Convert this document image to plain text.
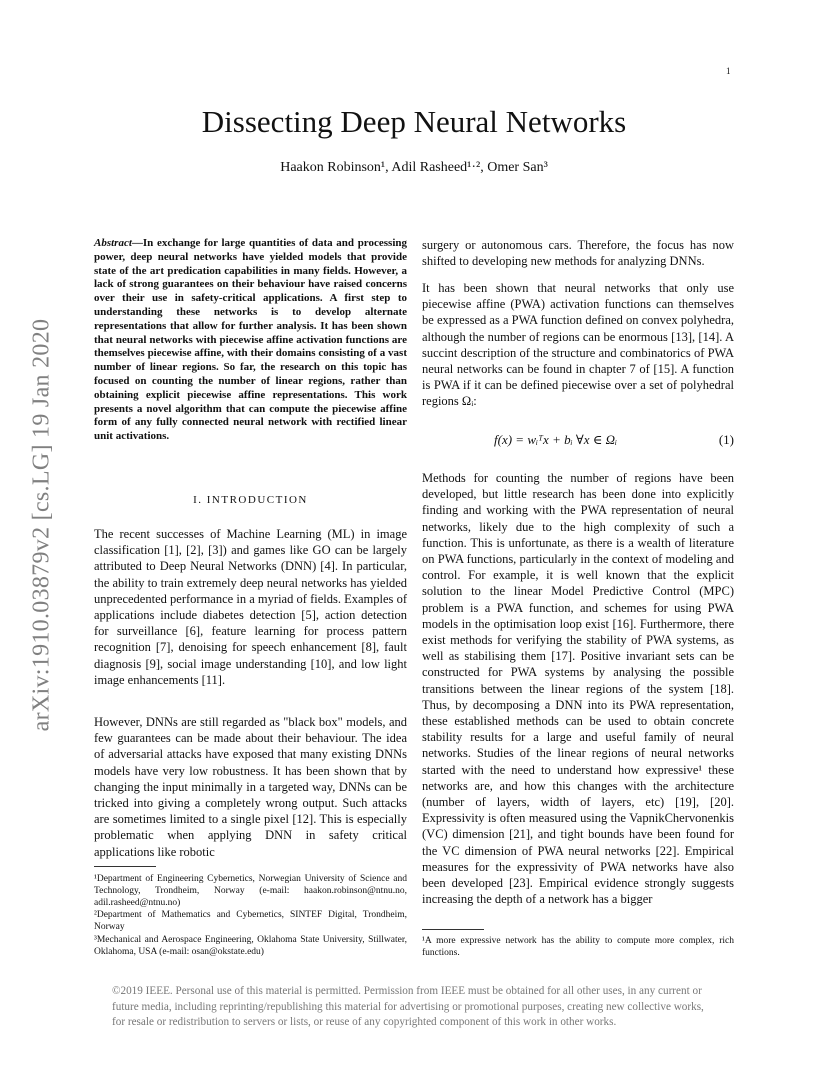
1
arXiv:1910.03879v2 [cs.LG] 19 Jan 2020
Dissecting Deep Neural Networks
Haakon Robinson¹, Adil Rasheed¹·², Omer San³
Abstract—In exchange for large quantities of data and processing power, deep neural networks have yielded models that provide state of the art predication capabilities in many fields. However, a lack of strong guarantees on their behaviour have raised concerns over their use in safety-critical applications. A first step to understanding these networks is to develop alternate representations that allow for further analysis. It has been shown that neural networks with piecewise affine activation functions are themselves piecewise affine, with their domains consisting of a vast number of linear regions. So far, the research on this topic has focused on counting the number of linear regions, rather than obtaining explicit piecewise affine representations. This work presents a novel algorithm that can compute the piecewise affine form of any fully connected neural network with rectified linear unit activations.
I. INTRODUCTION
The recent successes of Machine Learning (ML) in image classification [1], [2], [3]) and games like GO can be largely attributed to Deep Neural Networks (DNN) [4]. In particular, the ability to train extremely deep neural networks has yielded unprecedented performance in a myriad of fields. Examples of applications include diabetes detection [5], action detection for surveillance [6], feature learning for process pattern recognition [7], denoising for speech enhancement [8], fault diagnosis [9], social image understanding [10], and low light image enhancements [11].
However, DNNs are still regarded as "black box" models, and few guarantees can be made about their behaviour. The idea of adversarial attacks have exposed that many existing DNNs models have very low robustness. It has been shown that by changing the input minimally in a targeted way, DNNs can be tricked into giving a completely wrong output. Such attacks are sometimes limited to a single pixel [12]. This is especially problematic when applying DNN in safety critical applications like robotic
¹Department of Engineering Cybernetics, Norwegian University of Science and Technology, Trondheim, Norway (e-mail: haakon.robinson@ntnu.no, adil.rasheed@ntnu.no)
²Department of Mathematics and Cybernetics, SINTEF Digital, Trondheim, Norway
³Mechanical and Aerospace Engineering, Oklahoma State University, Stillwater, Oklahoma, USA (e-mail: osan@okstate.edu)
surgery or autonomous cars. Therefore, the focus has now shifted to developing new methods for analyzing DNNs.
It has been shown that neural networks that only use piecewise affine (PWA) activation functions can themselves be expressed as a PWA function defined on convex polyhedra, although the number of regions can be enormous [13], [14]. A succint description of the structure and combinatorics of PWA neural networks can be found in chapter 7 of [15]. A function is PWA if it can be defined piecewise over a set of polyhedral regions Ωᵢ:
f(x) = wᵢᵀx + bᵢ ∀x ∈ Ωᵢ	(1)
Methods for counting the number of regions have been developed, but little research has been done into explicitly finding and working with the PWA representation of neural networks, likely due to the high complexity of such a function. This is unfortunate, as there is a wealth of literature on PWA functions, particularly in the context of modeling and control. For example, it is well known that the explicit solution to the linear Model Predictive Control (MPC) problem is a PWA function, and schemes for using PWA models in the optimisation loop exist [16]. Furthermore, there exist methods for verifying the stability of PWA systems, as well as stabilising them [17]. Positive invariant sets can be constructed for PWA systems by analysing the possible transitions between the linear regions of the system [18]. Thus, by decomposing a DNN into its PWA representation, these established methods can be used to obtain concrete stability results for a large and useful family of neural networks. Studies of the linear regions of neural networks started with the need to understand how expressive¹ these networks are, and how this changes with the architecture (number of layers, width of layers, etc) [19], [20]. Expressivity is often measured using the VapnikChervonenkis (VC) dimension [21], and tight bounds have been found for the VC dimension of PWA neural networks [22]. Empirical measures for the expressivity of PWA networks have also been developed [23]. Empirical evidence strongly suggests increasing the depth of a network has a bigger
¹A more expressive network has the ability to compute more complex, rich functions.
©2019 IEEE. Personal use of this material is permitted. Permission from IEEE must be obtained for all other uses, in any current or future media, including reprinting/republishing this material for advertising or promotional purposes, creating new collective works, for resale or redistribution to servers or lists, or reuse of any copyrighted component of this work in other works.
